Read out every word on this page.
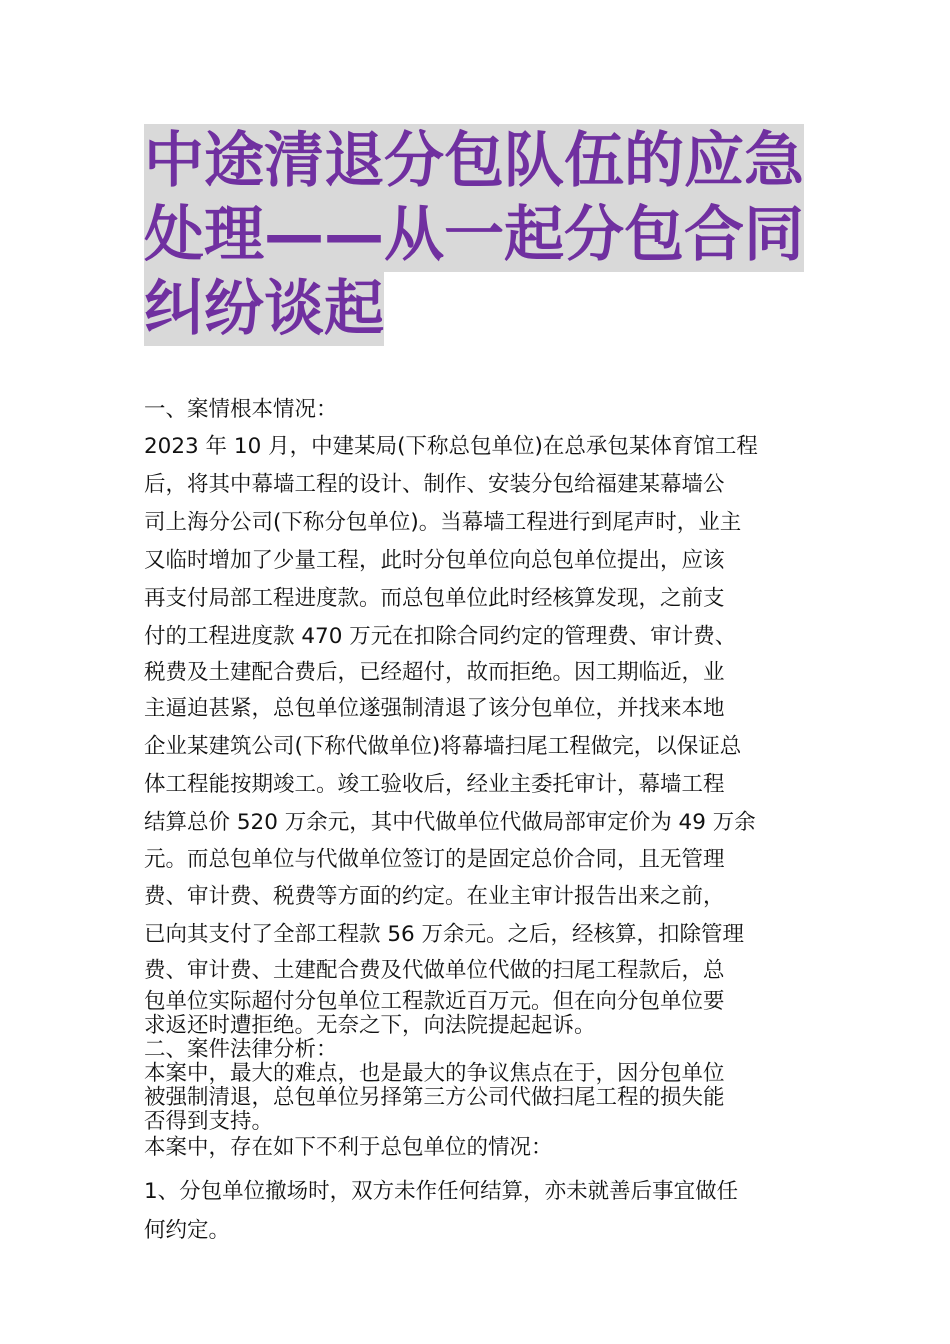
中途清退分包队伍的应急
处理——从一起分包合同
纠纷谈起
一、案情根本情况：
2023 年 10 月，中建某局(下称总包单位)在总承包某体育馆工程
后，将其中幕墙工程的设计、制作、安装分包给福建某幕墙公
司上海分公司(下称分包单位)。当幕墙工程进行到尾声时，业主
又临时增加了少量工程，此时分包单位向总包单位提出，应该
再支付局部工程进度款。而总包单位此时经核算发现，之前支
付的工程进度款 470 万元在扣除合同约定的管理费、审计费、
税费及土建配合费后，已经超付，故而拒绝。因工期临近，业
主逼迫甚紧，总包单位遂强制清退了该分包单位，并找来本地
企业某建筑公司(下称代做单位)将幕墙扫尾工程做完，以保证总
体工程能按期竣工。竣工验收后，经业主委托审计，幕墙工程
结算总价 520 万余元，其中代做单位代做局部审定价为 49 万余
元。而总包单位与代做单位签订的是固定总价合同，且无管理
费、审计费、税费等方面的约定。在业主审计报告出来之前，
已向其支付了全部工程款 56 万余元。之后，经核算，扣除管理
费、审计费、土建配合费及代做单位代做的扫尾工程款后，总
包单位实际超付分包单位工程款近百万元。但在向分包单位要
求返还时遭拒绝。无奈之下，向法院提起起诉。
二、案件法律分析：
本案中，最大的难点，也是最大的争议焦点在于，因分包单位
被强制清退，总包单位另择第三方公司代做扫尾工程的损失能
否得到支持。
本案中，存在如下不利于总包单位的情况：
1、分包单位撤场时，双方未作任何结算，亦未就善后事宜做任
何约定。
